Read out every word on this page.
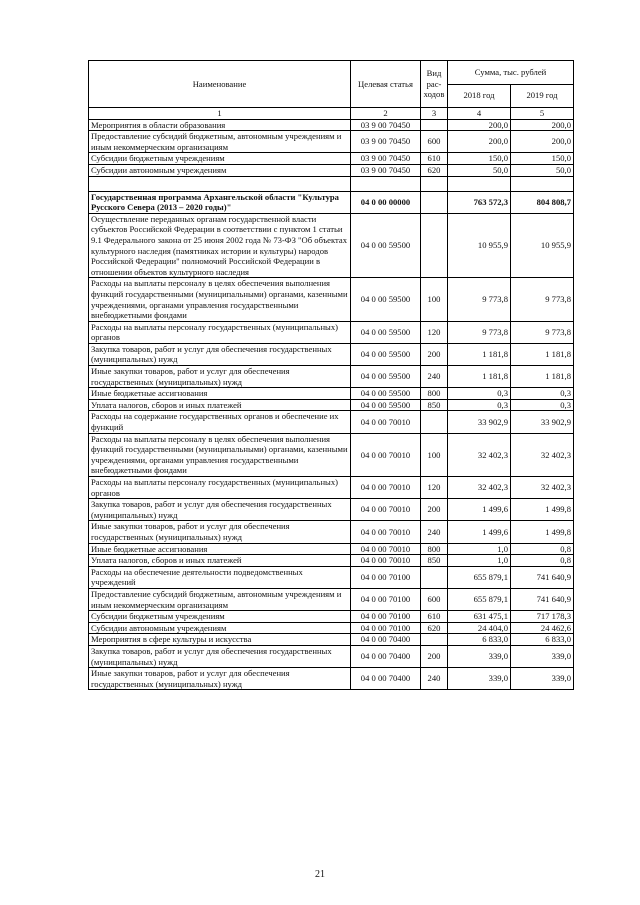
Наименование	Целевая статья	Вид рас-ходов	Сумма, тыс. рублей	
			2018 год	2019 год
1	2	3	4	5
Мероприятия в области образования	03 9 00 70450		200,0	200,0
Предоставление субсидий бюджетным, автономным учреждениям и иным некоммерческим организациям	03 9 00 70450	600	200,0	200,0
Субсидии бюджетным учреждениям	03 9 00 70450	610	150,0	150,0
Субсидии автономным учреждениям	03 9 00 70450	620	50,0	50,0

Государственная программа Архангельской области "Культура Русского Севера (2013 – 2020 годы)"	04 0 00 00000		763 572,3	804 808,7
Осуществление переданных органам государственной власти субъектов Российской Федерации в соответствии с пунктом 1 статьи 9.1 Федерального закона от 25 июня 2002 года № 73-ФЗ "Об объектах культурного наследия (памятниках истории и культуры) народов Российской Федерации" полномочий Российской Федерации в отношении объектов культурного наследия	04 0 00 59500		10 955,9	10 955,9
Расходы на выплаты персоналу в целях обеспечения выполнения функций государственными (муниципальными) органами, казенными учреждениями, органами управления государственными внебюджетными фондами	04 0 00 59500	100	9 773,8	9 773,8
Расходы на выплаты персоналу государственных (муниципальных) органов	04 0 00 59500	120	9 773,8	9 773,8
Закупка товаров, работ и услуг для обеспечения государственных (муниципальных) нужд	04 0 00 59500	200	1 181,8	1 181,8
Иные закупки товаров, работ и услуг для обеспечения государственных (муниципальных) нужд	04 0 00 59500	240	1 181,8	1 181,8
Иные бюджетные ассигнования	04 0 00 59500	800	0,3	0,3
Уплата налогов, сборов и иных платежей	04 0 00 59500	850	0,3	0,3
Расходы на содержание государственных органов и обеспечение их функций	04 0 00 70010		33 902,9	33 902,9
Расходы на выплаты персоналу в целях обеспечения выполнения функций государственными (муниципальными) органами, казенными учреждениями, органами управления государственными внебюджетными фондами	04 0 00 70010	100	32 402,3	32 402,3
Расходы на выплаты персоналу государственных (муниципальных) органов	04 0 00 70010	120	32 402,3	32 402,3
Закупка товаров, работ и услуг для обеспечения государственных (муниципальных) нужд	04 0 00 70010	200	1 499,6	1 499,8
Иные закупки товаров, работ и услуг для обеспечения государственных (муниципальных) нужд	04 0 00 70010	240	1 499,6	1 499,8
Иные бюджетные ассигнования	04 0 00 70010	800	1,0	0,8
Уплата налогов, сборов и иных платежей	04 0 00 70010	850	1,0	0,8
Расходы на обеспечение деятельности подведомственных учреждений	04 0 00 70100		655 879,1	741 640,9
Предоставление субсидий бюджетным, автономным учреждениям и иным некоммерческим организациям	04 0 00 70100	600	655 879,1	741 640,9
Субсидии бюджетным учреждениям	04 0 00 70100	610	631 475,1	717 178,3
Субсидии автономным учреждениям	04 0 00 70100	620	24 404,0	24 462,6
Мероприятия в сфере культуры и искусства	04 0 00 70400		6 833,0	6 833,0
Закупка товаров, работ и услуг для обеспечения государственных (муниципальных) нужд	04 0 00 70400	200	339,0	339,0
Иные закупки товаров, работ и услуг для обеспечения государственных (муниципальных) нужд	04 0 00 70400	240	339,0	339,0
21
